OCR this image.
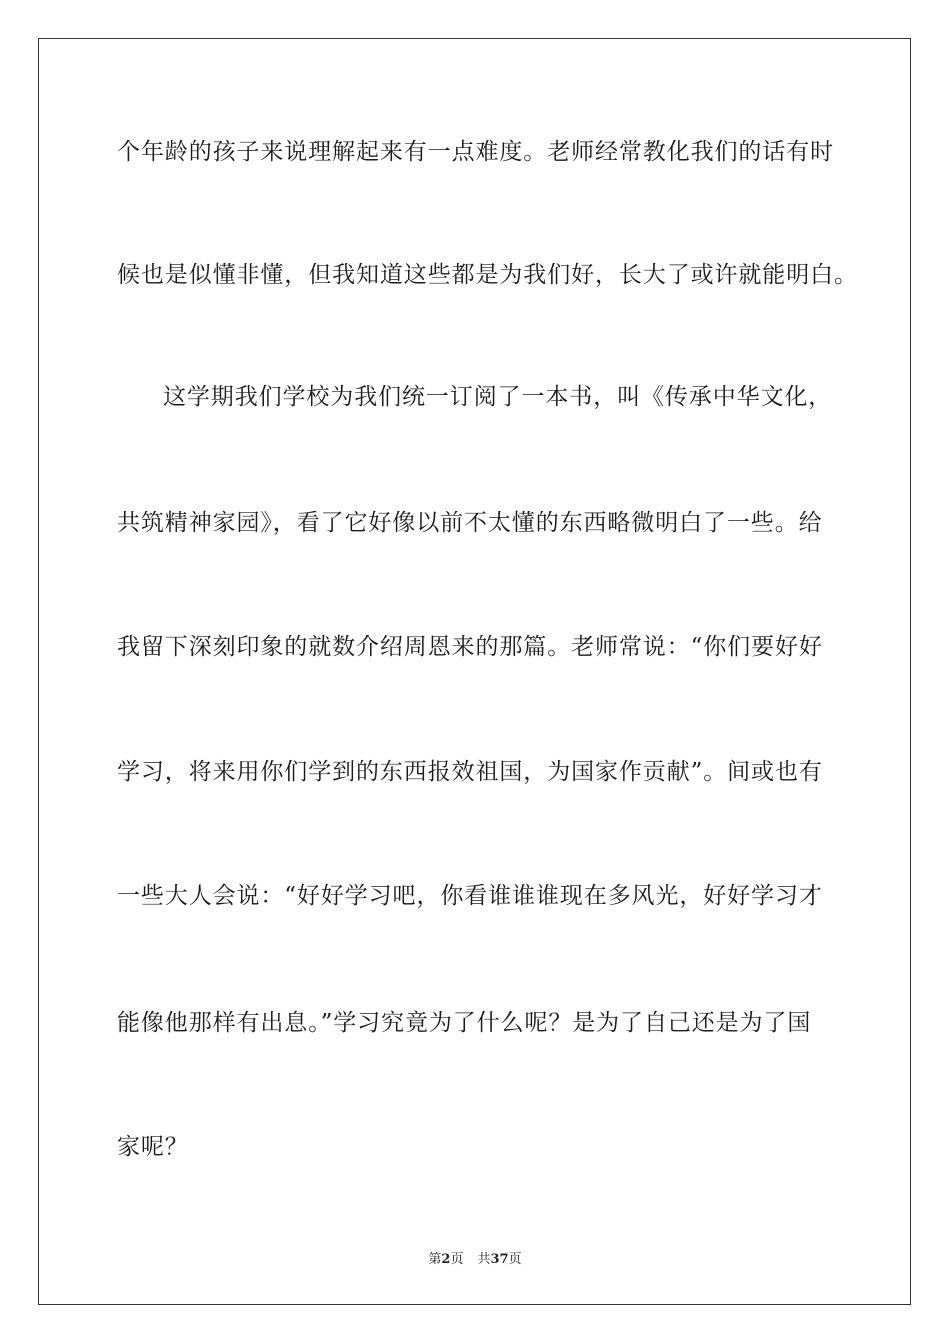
个年龄的孩子来说理解起来有一点难度。老师经常教化我们的话有时
候也是似懂非懂，但我知道这些都是为我们好，长大了或许就能明白。
这学期我们学校为我们统一订阅了一本书，叫《传承中华文化，
共筑精神家园》，看了它好像以前不太懂的东西略微明白了一些。给
我留下深刻印象的就数介绍周恩来的那篇。老师常说：“你们要好好
学习，将来用你们学到的东西报效祖国，为国家作贡献”。间或也有
一些大人会说：“好好学习吧，你看谁谁谁现在多风光，好好学习才
能像他那样有出息。”学习究竟为了什么呢？是为了自己还是为了国
家呢？
第2页 共37页
